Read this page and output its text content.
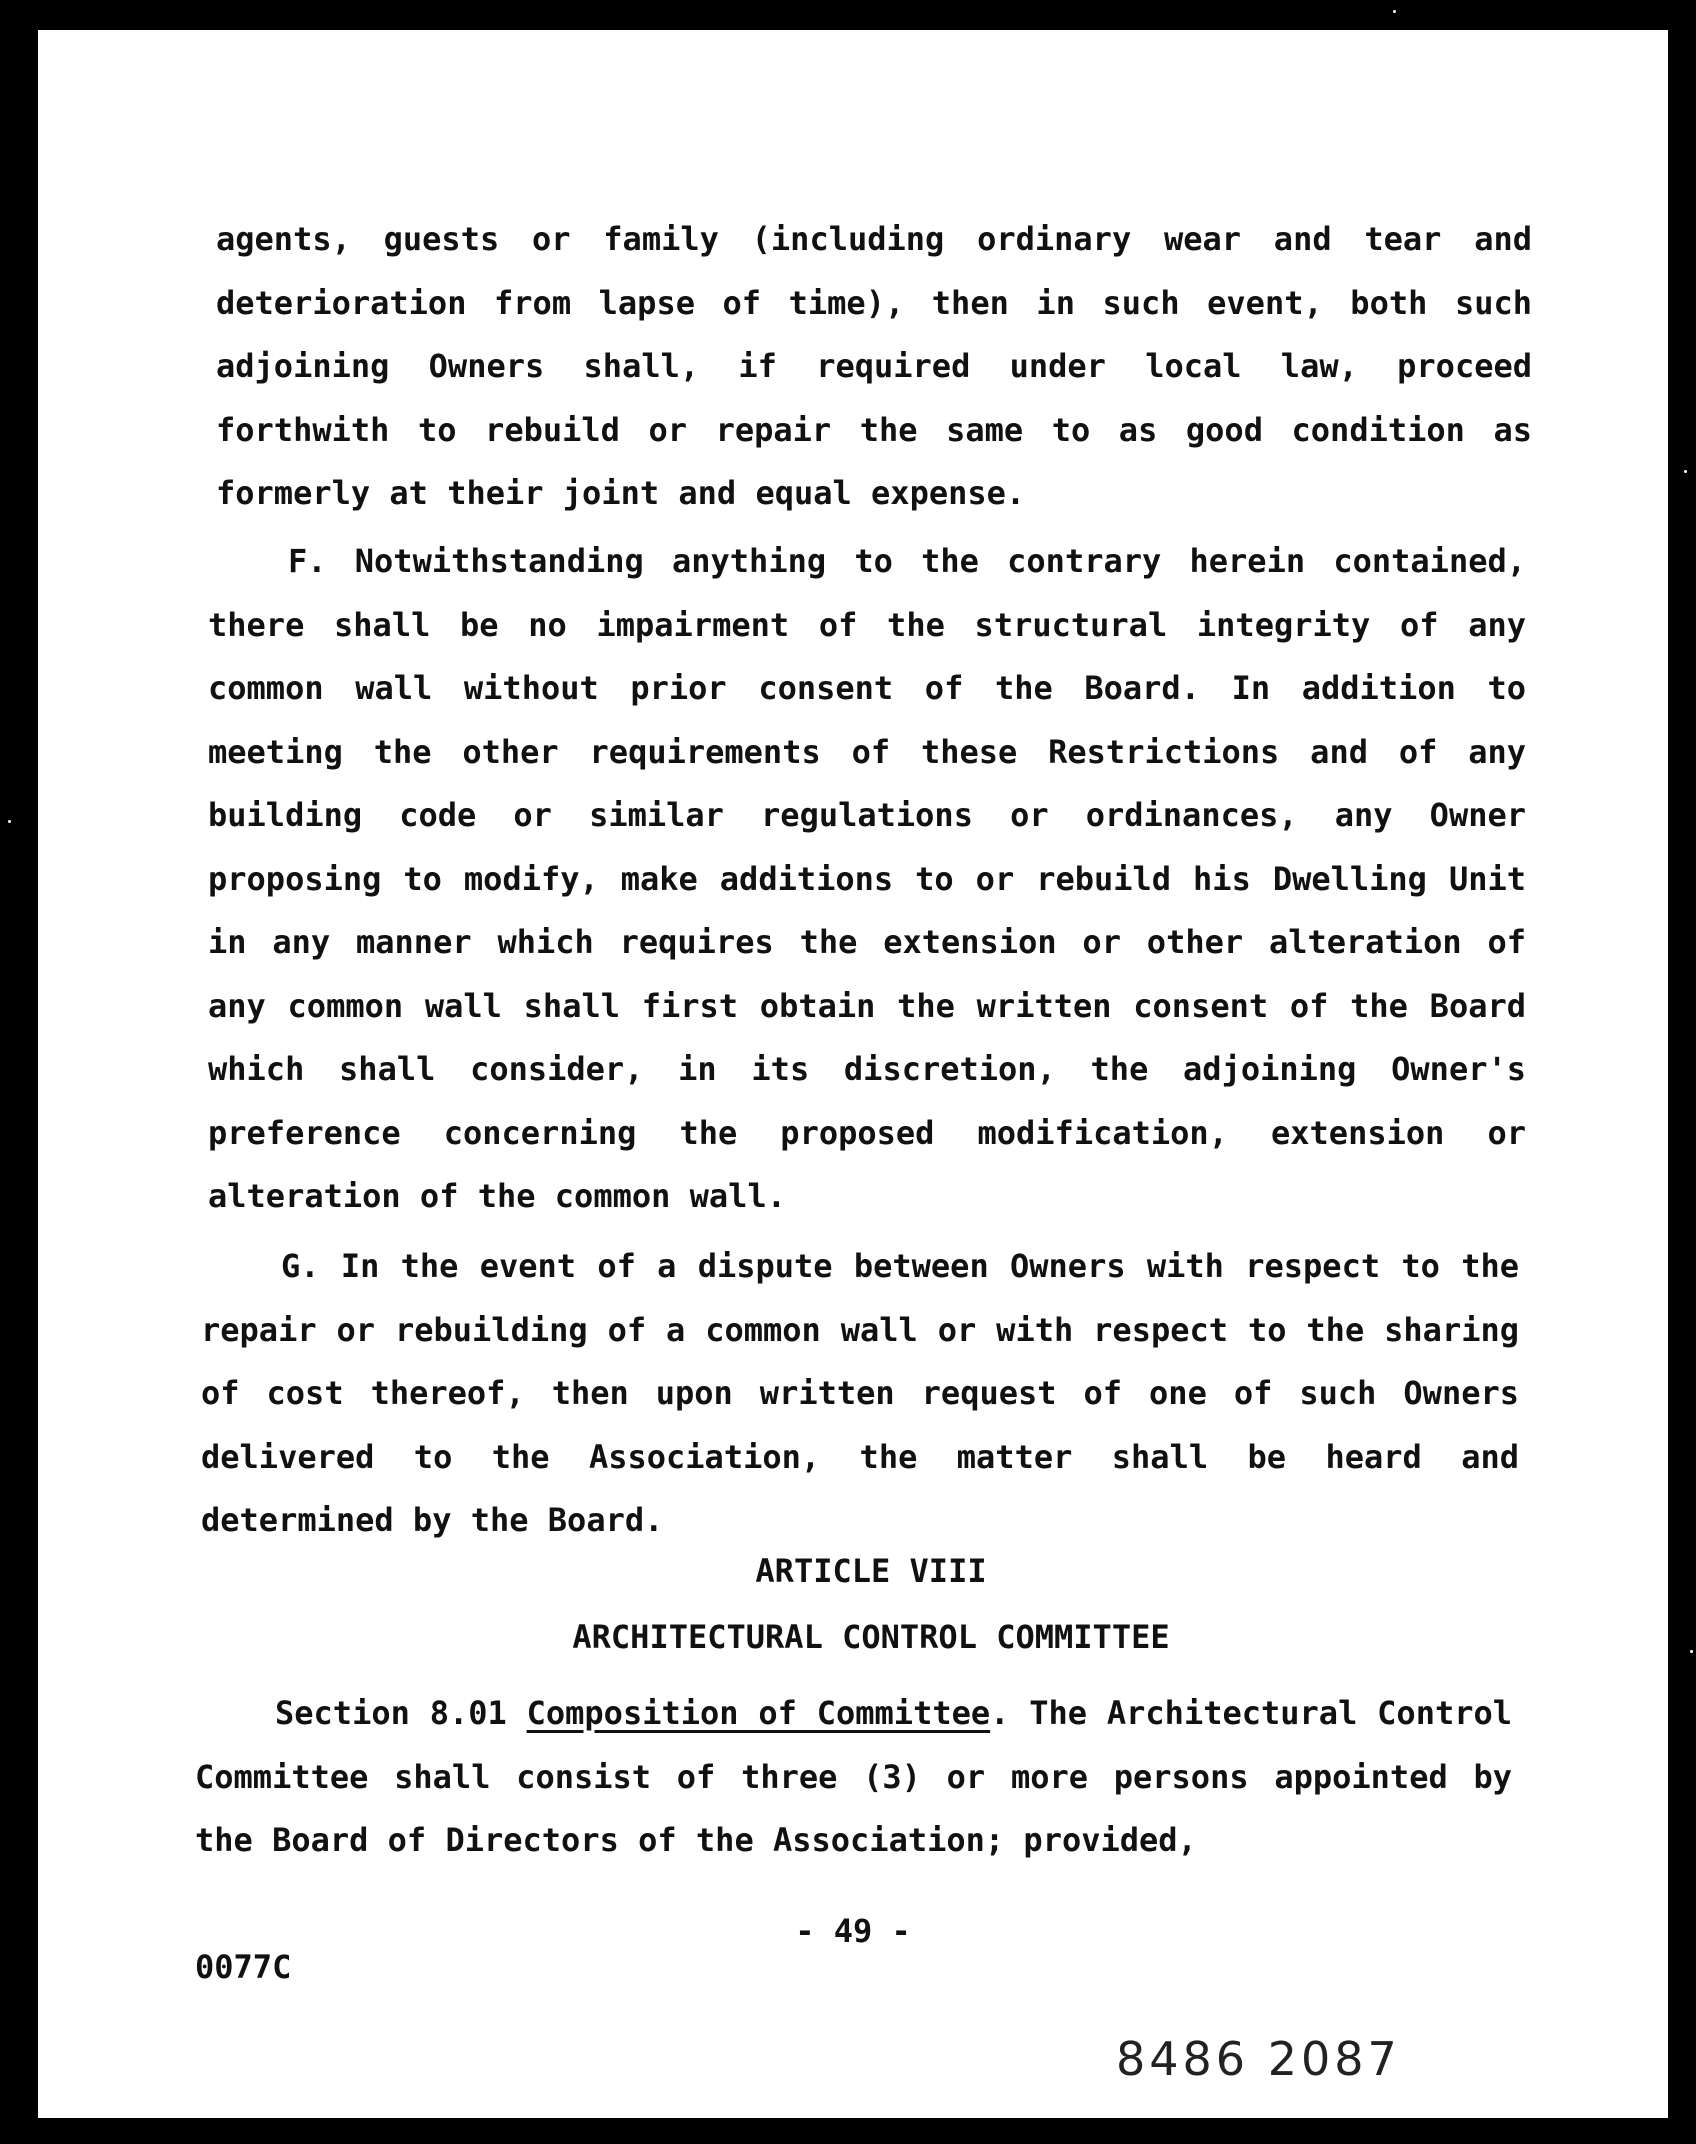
agents, guests or family (including ordinary wear and tear and deterioration from lapse of time), then in such event, both such adjoining Owners shall, if required under local law, proceed forthwith to rebuild or repair the same to as good condition as formerly at their joint and equal expense.

F. Notwithstanding anything to the contrary herein contained, there shall be no impairment of the structural integrity of any common wall without prior consent of the Board. In addition to meeting the other requirements of these Restrictions and of any building code or similar regulations or ordinances, any Owner proposing to modify, make additions to or rebuild his Dwelling Unit in any manner which requires the extension or other alteration of any common wall shall first obtain the written consent of the Board which shall consider, in its discretion, the adjoining Owner's preference concerning the proposed modification, extension or alteration of the common wall.

G. In the event of a dispute between Owners with respect to the repair or rebuilding of a common wall or with respect to the sharing of cost thereof, then upon written request of one of such Owners delivered to the Association, the matter shall be heard and determined by the Board.

ARTICLE VIII
ARCHITECTURAL CONTROL COMMITTEE

Section 8.01 Composition of Committee. The Architectural Control Committee shall consist of three (3) or more persons appointed by the Board of Directors of the Association; provided,

- 49 -
0077C
8486 2087
